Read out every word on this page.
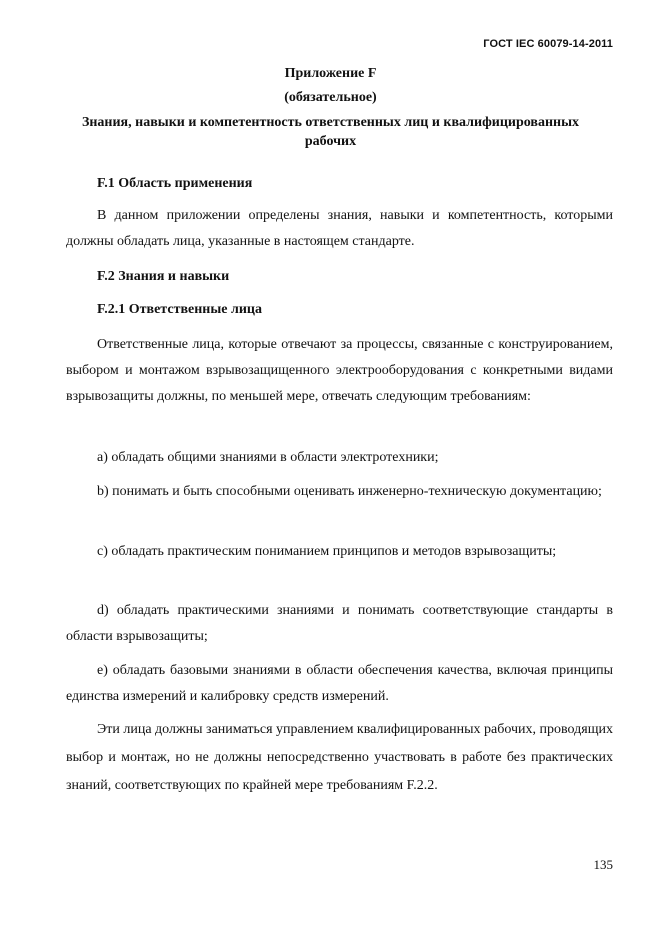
ГОСТ IEC 60079-14-2011
Приложение F
(обязательное)
Знания, навыки и компетентность ответственных лиц и квалифицированных рабочих
F.1 Область применения

В данном приложении определены знания, навыки и компетентность, которыми должны обладать лица, указанные в настоящем стандарте.

F.2 Знания и навыки
F.2.1 Ответственные лица

Ответственные лица, которые отвечают за процессы, связанные с конструированием, выбором и монтажом взрывозащищенного электрооборудования с конкретными видами взрывозащиты должны, по меньшей мере, отвечать следующим требованиям:

a) обладать общими знаниями в области электротехники;

b) понимать и быть способными оценивать инженерно-техническую документацию;

c) обладать практическим пониманием принципов и методов взрывозащиты;

d) обладать практическими знаниями и понимать соответствующие стандарты в области взрывозащиты;

e) обладать базовыми знаниями в области обеспечения качества, включая принципы единства измерений и калибровку средств измерений.

Эти лица должны заниматься управлением квалифицированных рабочих, проводящих выбор и монтаж, но не должны непосредственно участвовать в работе без практических знаний, соответствующих по крайней мере требованиям F.2.2.

135
